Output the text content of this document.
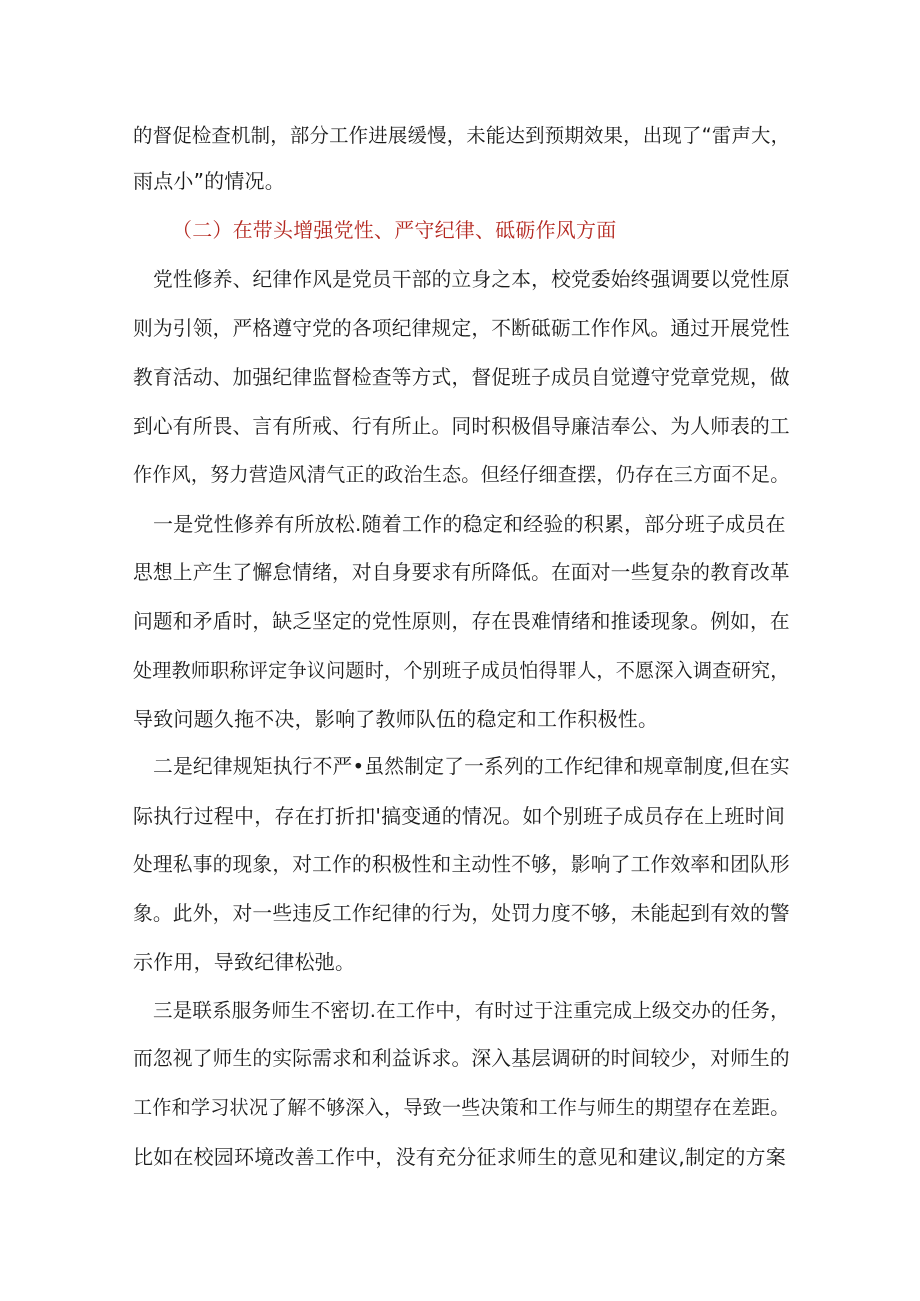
的督促检查机制，部分工作进展缓慢，未能达到预期效果，出现了“雷声大，
雨点小”的情况。
（二）在带头增强党性、严守纪律、砥砺作风方面
党性修养、纪律作风是党员干部的立身之本，校党委始终强调要以党性原
则为引领，严格遵守党的各项纪律规定，不断砥砺工作作风。通过开展党性
教育活动、加强纪律监督检查等方式，督促班子成员自觉遵守党章党规，做
到心有所畏、言有所戒、行有所止。同时积极倡导廉洁奉公、为人师表的工
作作风，努力营造风清气正的政治生态。但经仔细查摆，仍存在三方面不足。
一是党性修养有所放松.随着工作的稳定和经验的积累，部分班子成员在
思想上产生了懈怠情绪，对自身要求有所降低。在面对一些复杂的教育改革
问题和矛盾时，缺乏坚定的党性原则，存在畏难情绪和推诿现象。例如，在
处理教师职称评定争议问题时，个别班子成员怕得罪人，不愿深入调查研究，
导致问题久拖不决，影响了教师队伍的稳定和工作积极性。
二是纪律规矩执行不严•虽然制定了一系列的工作纪律和规章制度,但在实
际执行过程中，存在打折扣'搞变通的情况。如个别班子成员存在上班时间
处理私事的现象，对工作的积极性和主动性不够，影响了工作效率和团队形
象。此外，对一些违反工作纪律的行为，处罚力度不够，未能起到有效的警
示作用，导致纪律松弛。
三是联系服务师生不密切.在工作中，有时过于注重完成上级交办的任务，
而忽视了师生的实际需求和利益诉求。深入基层调研的时间较少，对师生的
工作和学习状况了解不够深入，导致一些决策和工作与师生的期望存在差距。
比如在校园环境改善工作中，没有充分征求师生的意见和建议,制定的方案
